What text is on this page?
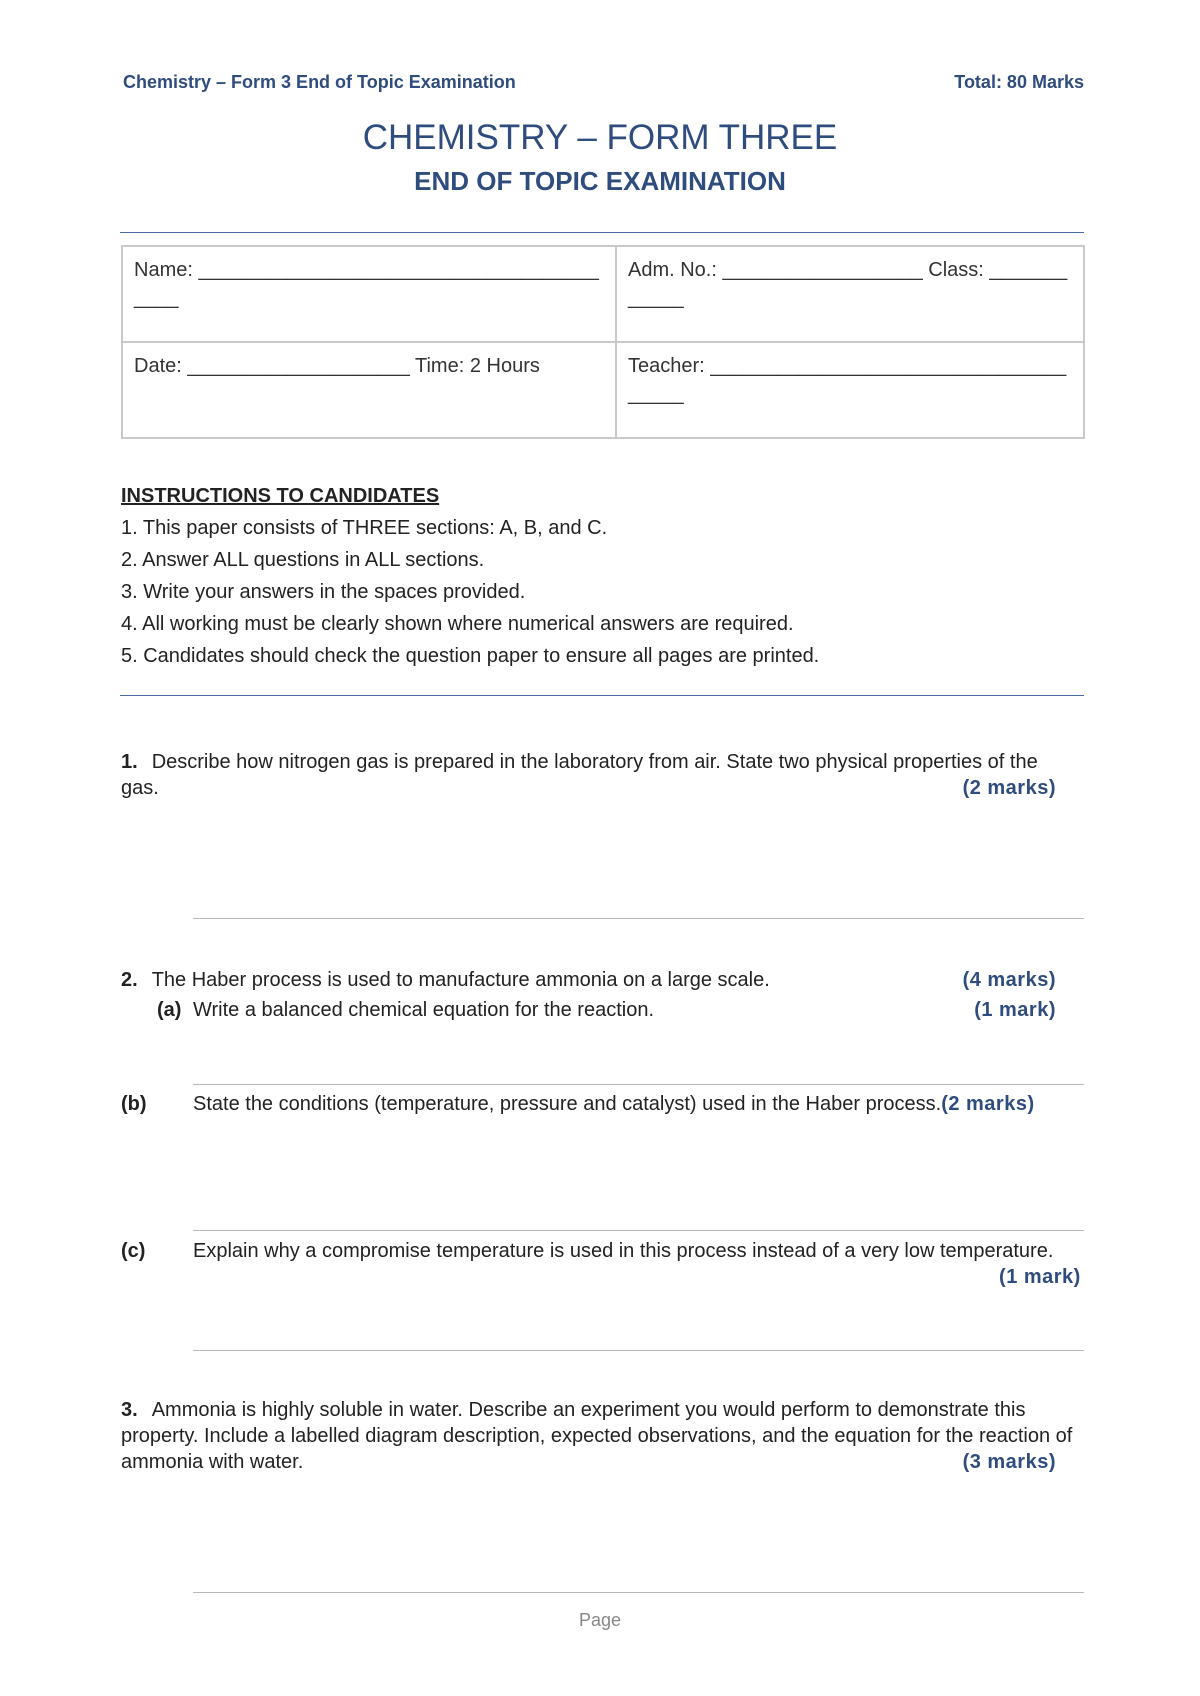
Chemistry – Form 3 End of Topic Examination	Total: 80 Marks
CHEMISTRY – FORM THREE
END OF TOPIC EXAMINATION
Name: ________________________________________	Adm. No.: __________________ Class: ____________
Date: ____________________ Time: 2 Hours	Teacher: _____________________________________
INSTRUCTIONS TO CANDIDATES
1. This paper consists of THREE sections: A, B, and C.
2. Answer ALL questions in ALL sections.
3. Write your answers in the spaces provided.
4. All working must be clearly shown where numerical answers are required.
5. Candidates should check the question paper to ensure all pages are printed.
1. Describe how nitrogen gas is prepared in the laboratory from air. State two physical properties of the gas.	(2 marks)
2. The Haber process is used to manufacture ammonia on a large scale.	(4 marks)
(a) Write a balanced chemical equation for the reaction.	(1 mark)
(b) State the conditions (temperature, pressure and catalyst) used in the Haber process.(2 marks)
(c) Explain why a compromise temperature is used in this process instead of a very low temperature.
(1 mark)
3. Ammonia is highly soluble in water. Describe an experiment you would perform to demonstrate this property. Include a labelled diagram description, expected observations, and the equation for the reaction of ammonia with water.	(3 marks)
Page
